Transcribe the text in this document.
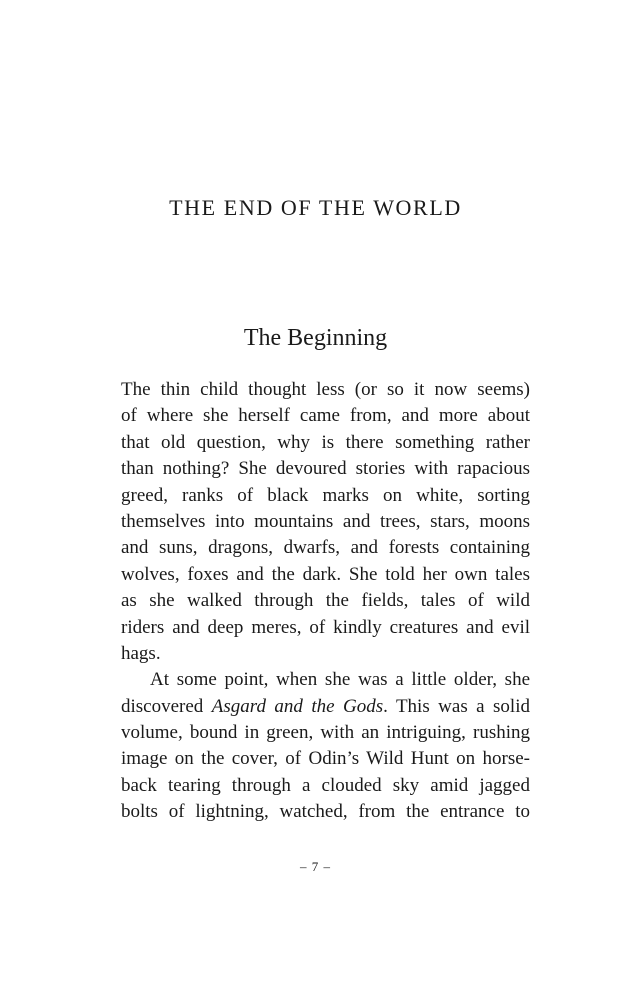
THE END OF THE WORLD
The Beginning
The thin child thought less (or so it now seems)
of where she herself came from, and more about
that old question, why is there something rather
than nothing? She devoured stories with rapacious
greed, ranks of black marks on white, sorting
themselves into mountains and trees, stars, moons
and suns, dragons, dwarfs, and forests containing
wolves, foxes and the dark. She told her own tales
as she walked through the fields, tales of wild
riders and deep meres, of kindly creatures and evil
hags.
At some point, when she was a little older, she
discovered Asgard and the Gods. This was a solid
volume, bound in green, with an intriguing, rushing
image on the cover, of Odin’s Wild Hunt on horse-
back tearing through a clouded sky amid jagged
bolts of lightning, watched, from the entrance to
– 7 –
